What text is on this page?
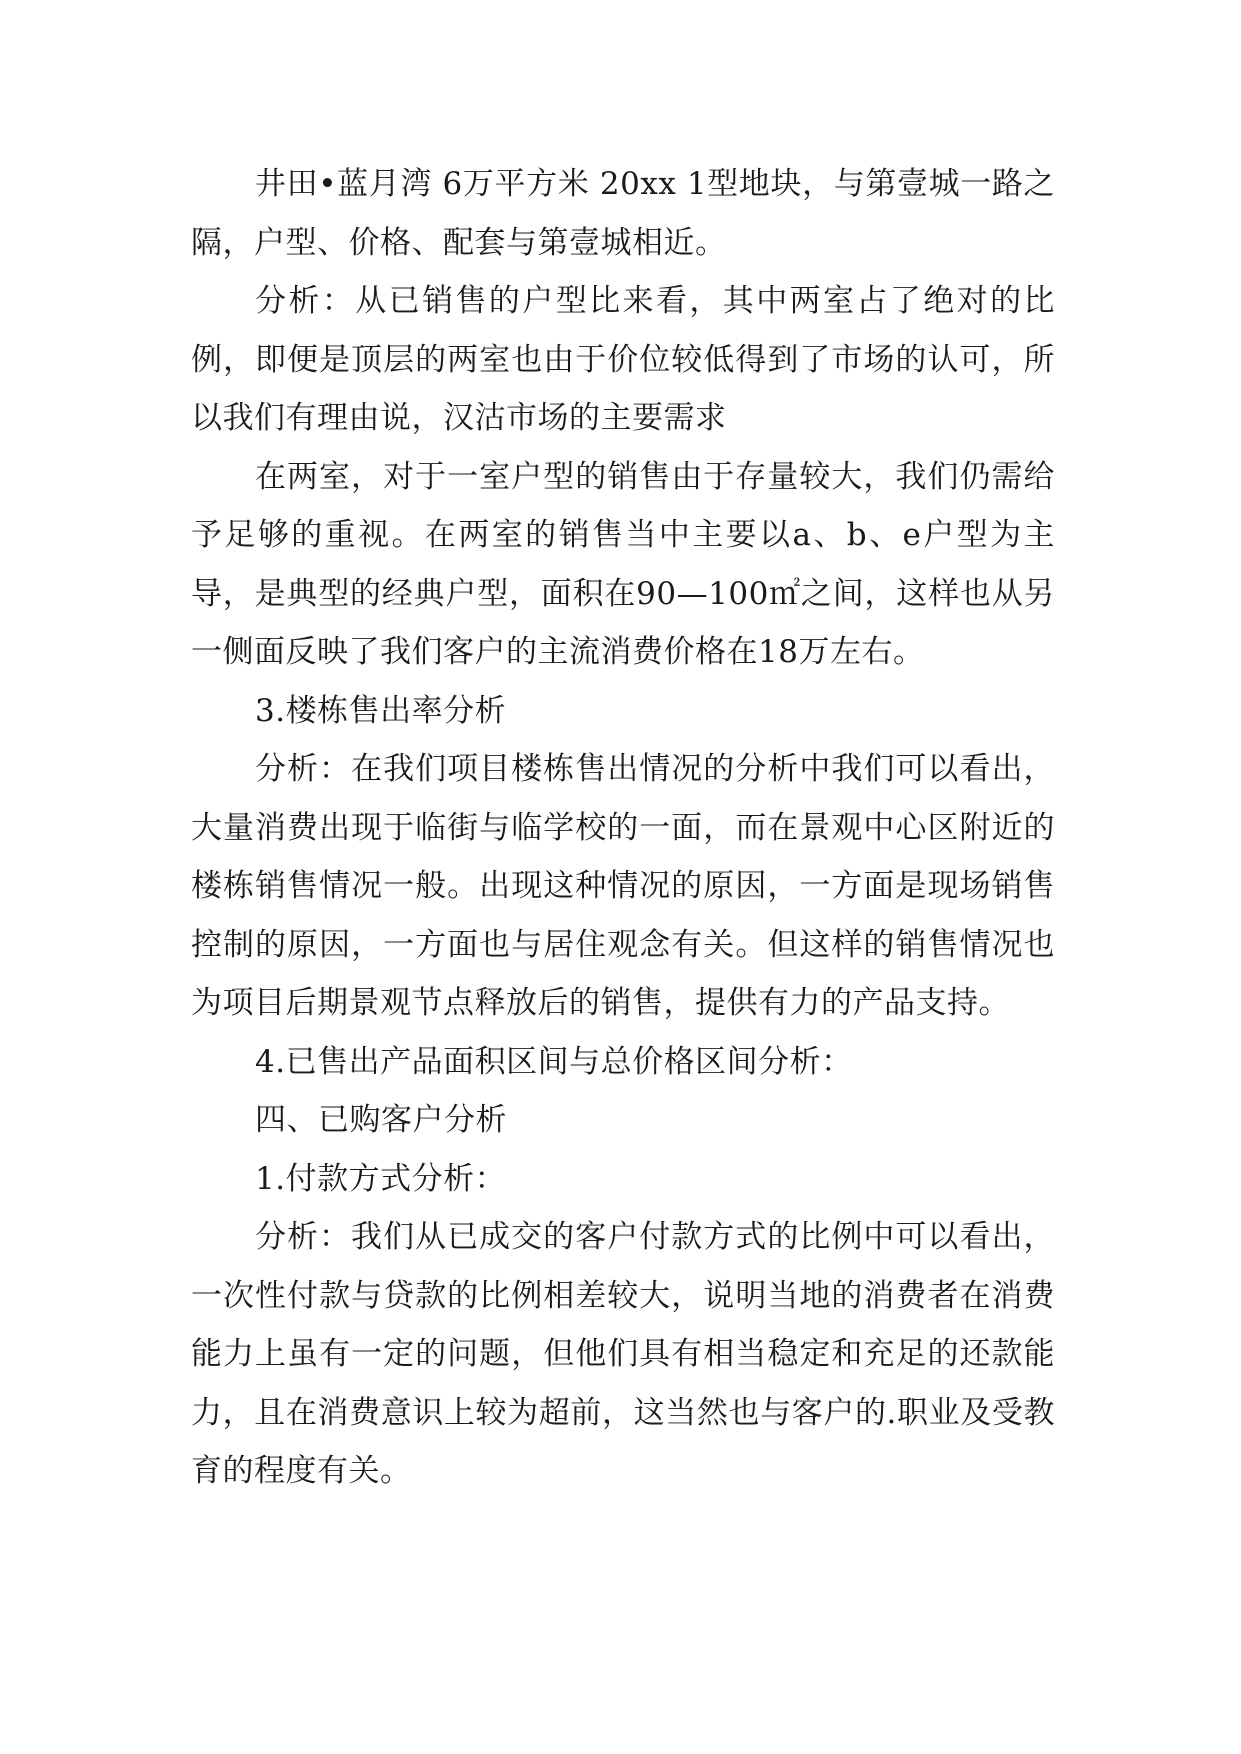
井田•蓝月湾 6万平方米 20xx 1型地块，与第壹城一路之隔，户型、价格、配套与第壹城相近。

分析：从已销售的户型比来看，其中两室占了绝对的比例，即便是顶层的两室也由于价位较低得到了市场的认可，所以我们有理由说，汉沽市场的主要需求

在两室，对于一室户型的销售由于存量较大，我们仍需给予足够的重视。在两室的销售当中主要以a、b、e户型为主导，是典型的经典户型，面积在90—100㎡之间，这样也从另一侧面反映了我们客户的主流消费价格在18万左右。

3.楼栋售出率分析

分析：在我们项目楼栋售出情况的分析中我们可以看出，大量消费出现于临街与临学校的一面，而在景观中心区附近的楼栋销售情况一般。出现这种情况的原因，一方面是现场销售控制的原因，一方面也与居住观念有关。但这样的销售情况也为项目后期景观节点释放后的销售，提供有力的产品支持。

4.已售出产品面积区间与总价格区间分析：

四、已购客户分析

1.付款方式分析：

分析：我们从已成交的客户付款方式的比例中可以看出，一次性付款与贷款的比例相差较大，说明当地的消费者在消费能力上虽有一定的问题，但他们具有相当稳定和充足的还款能力，且在消费意识上较为超前，这当然也与客户的.职业及受教育的程度有关。
